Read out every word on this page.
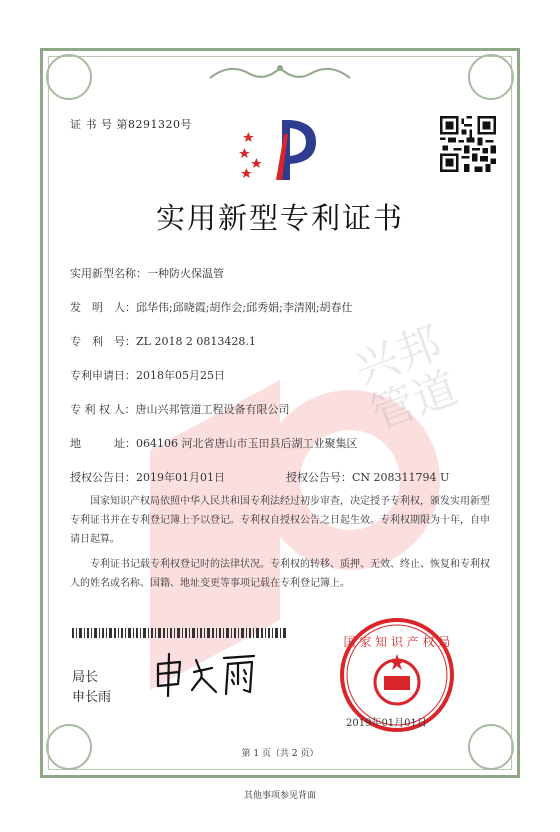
兴邦管道
证 书 号 第8291320号
实用新型专利证书
实用新型名称：一种防火保温管
发　明　人：邱华伟;邱晓霞;胡作会;邱秀娟;李清刚;胡春仕
专　利　号：ZL 2018 2 0813428.1
专利申请日：2018年05月25日
专 利 权 人：唐山兴邦管道工程设备有限公司
地　　　址：064106 河北省唐山市玉田县后湖工业聚集区
授权公告日：2019年01月01日	授权公告号：CN 208311794 U
国家知识产权局依照中华人民共和国专利法经过初步审查，决定授予专利权，颁发实用新型专利证书并在专利登记簿上予以登记。专利权自授权公告之日起生效。专利权期限为十年，自申请日起算。
专利证书记载专利权登记时的法律状况。专利权的转移、质押、无效、终止、恢复和专利权人的姓名或名称、国籍、地址变更等事项记载在专利登记簿上。
局长
申长雨
国 家 知 识 产 权 局
2019年01月01日
第 1 页（共 2 页）
其他事项参见背面
